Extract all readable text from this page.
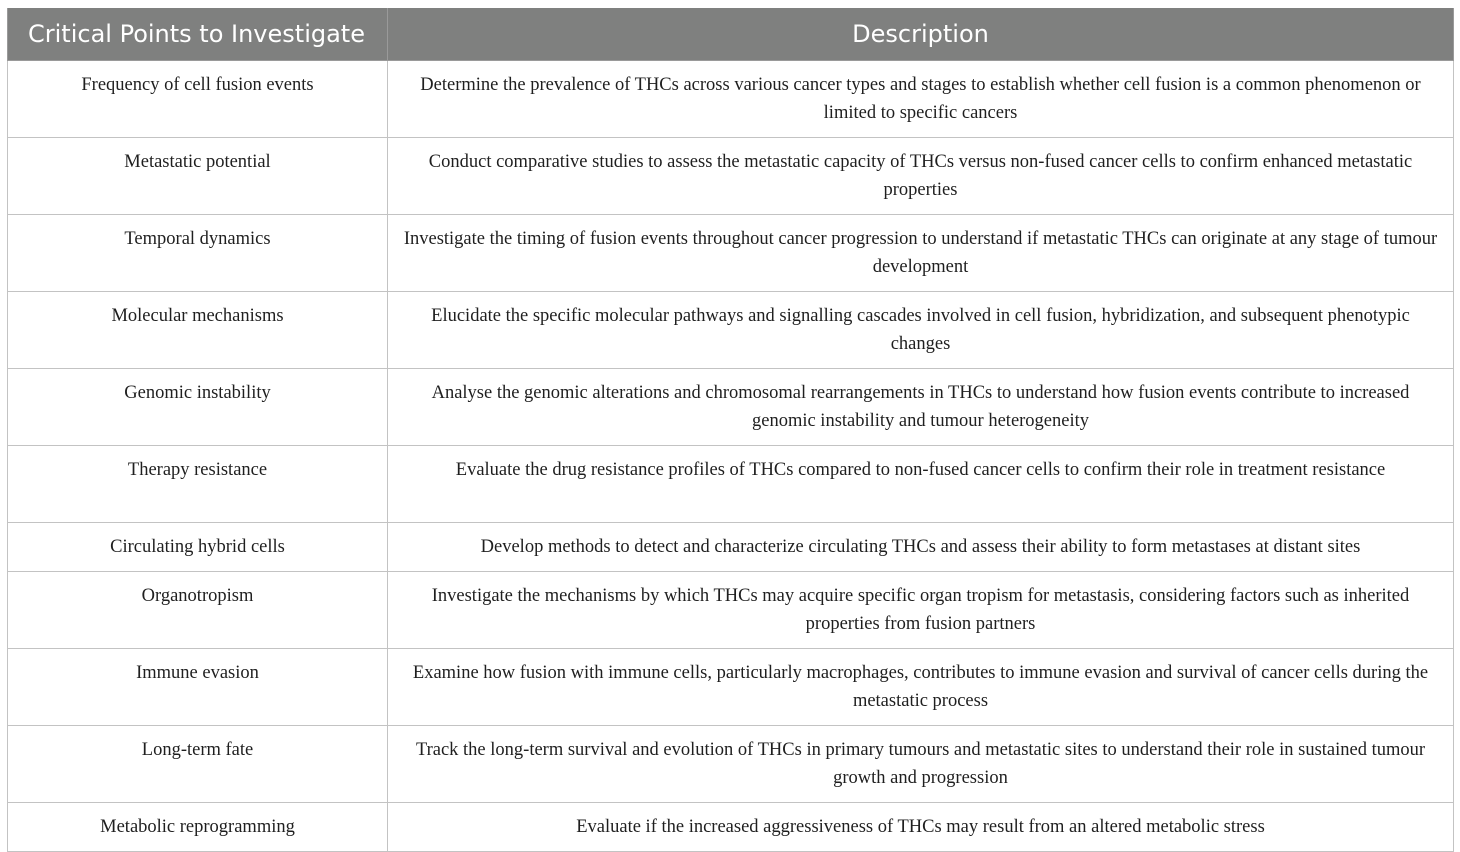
Critical Points to Investigate	Description
Frequency of cell fusion events	Determine the prevalence of THCs across various cancer types and stages to establish whether cell fusion is a common phenomenon or limited to specific cancers
Metastatic potential	Conduct comparative studies to assess the metastatic capacity of THCs versus non-fused cancer cells to confirm enhanced metastatic properties
Temporal dynamics	Investigate the timing of fusion events throughout cancer progression to understand if metastatic THCs can originate at any stage of tumour development
Molecular mechanisms	Elucidate the specific molecular pathways and signalling cascades involved in cell fusion, hybridization, and subsequent phenotypic changes
Genomic instability	Analyse the genomic alterations and chromosomal rearrangements in THCs to understand how fusion events contribute to increased genomic instability and tumour heterogeneity
Therapy resistance	Evaluate the drug resistance profiles of THCs compared to non-fused cancer cells to confirm their role in treatment resistance
Circulating hybrid cells	Develop methods to detect and characterize circulating THCs and assess their ability to form metastases at distant sites
Organotropism	Investigate the mechanisms by which THCs may acquire specific organ tropism for metastasis, considering factors such as inherited properties from fusion partners
Immune evasion	Examine how fusion with immune cells, particularly macrophages, contributes to immune evasion and survival of cancer cells during the metastatic process
Long-term fate	Track the long-term survival and evolution of THCs in primary tumours and metastatic sites to understand their role in sustained tumour growth and progression
Metabolic reprogramming	Evaluate if the increased aggressiveness of THCs may result from an altered metabolic stress
